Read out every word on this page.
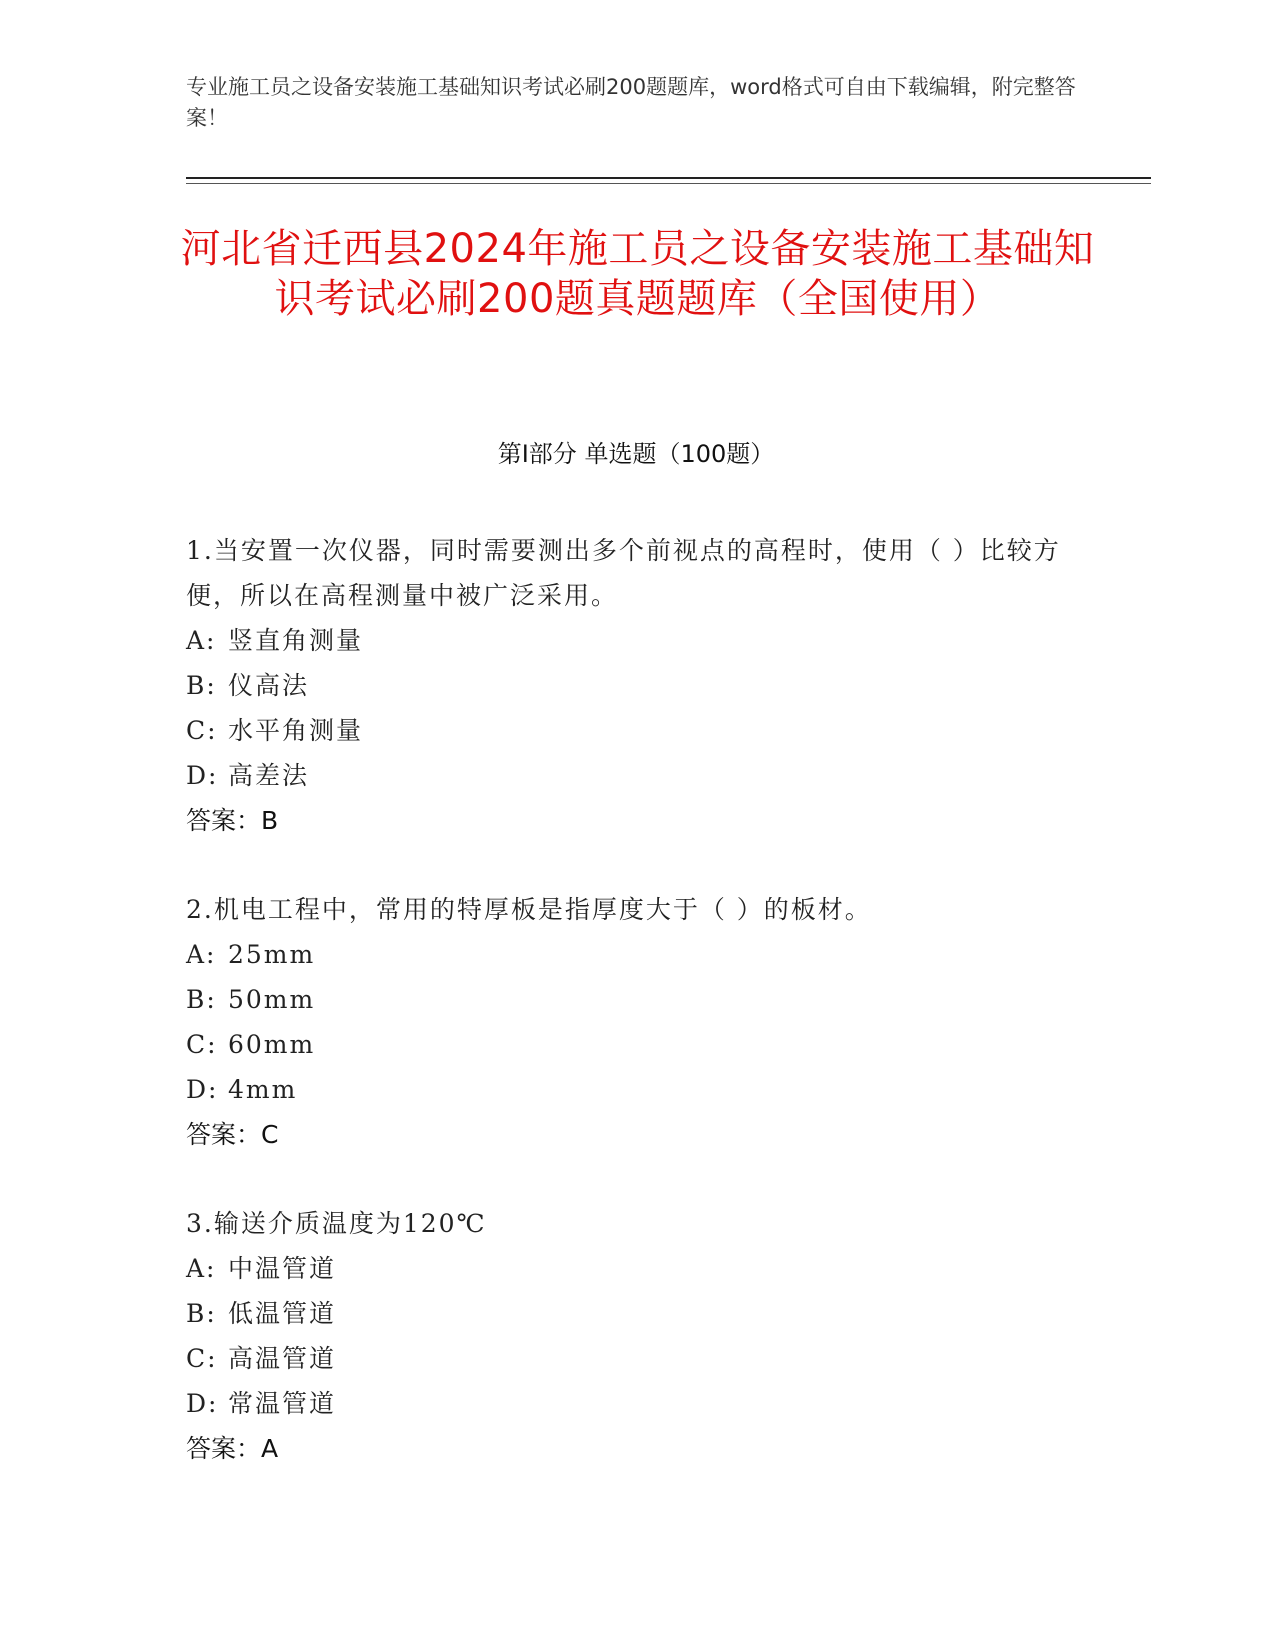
专业施工员之设备安装施工基础知识考试必刷200题题库，word格式可自由下载编辑，附完整答案！
河北省迁西县2024年施工员之设备安装施工基础知识考试必刷200题真题题库（全国使用）
第I部分 单选题（100题）
1.当安置一次仪器，同时需要测出多个前视点的高程时，使用（ ）比较方便，所以在高程测量中被广泛采用。
A: 竖直角测量
B: 仪高法
C: 水平角测量
D: 高差法
答案：B
2.机电工程中，常用的特厚板是指厚度大于（ ）的板材。
A: 25mm
B: 50mm
C: 60mm
D: 4mm
答案：C
3.输送介质温度为120℃
A: 中温管道
B: 低温管道
C: 高温管道
D: 常温管道
答案：A
